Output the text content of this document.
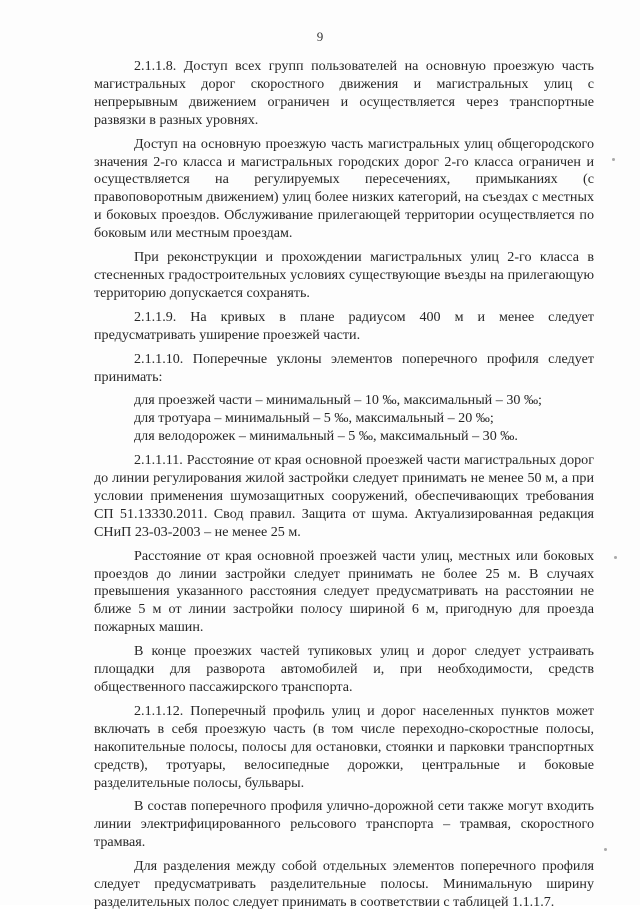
9

2.1.1.8. Доступ всех групп пользователей на основную проезжую часть магистральных дорог скоростного движения и магистральных улиц с непрерывным движением ограничен и осуществляется через транспортные развязки в разных уровнях.

Доступ на основную проезжую часть магистральных улиц общегородского значения 2-го класса и магистральных городских дорог 2-го класса ограничен и осуществляется на регулируемых пересечениях, примыканиях (с правоповоротным движением) улиц более низких категорий, на съездах с местных и боковых проездов. Обслуживание прилегающей территории осуществляется по боковым или местным проездам.

При реконструкции и прохождении магистральных улиц 2-го класса в стесненных градостроительных условиях существующие въезды на прилегающую территорию допускается сохранять.

2.1.1.9. На кривых в плане радиусом 400 м и менее следует предусматривать уширение проезжей части.

2.1.1.10. Поперечные уклоны элементов поперечного профиля следует принимать:

для проезжей части – минимальный – 10 ‰, максимальный – 30 ‰;

для тротуара – минимальный – 5 ‰, максимальный – 20 ‰;

для велодорожек – минимальный – 5 ‰, максимальный – 30 ‰.

2.1.1.11. Расстояние от края основной проезжей части магистральных дорог до линии регулирования жилой застройки следует принимать не менее 50 м, а при условии применения шумозащитных сооружений, обеспечивающих требования СП 51.13330.2011. Свод правил. Защита от шума. Актуализированная редакция СНиП 23-03-2003 – не менее 25 м.

Расстояние от края основной проезжей части улиц, местных или боковых проездов до линии застройки следует принимать не более 25 м. В случаях превышения указанного расстояния следует предусматривать на расстоянии не ближе 5 м от линии застройки полосу шириной 6 м, пригодную для проезда пожарных машин.

В конце проезжих частей тупиковых улиц и дорог следует устраивать площадки для разворота автомобилей и, при необходимости, средств общественного пассажирского транспорта.

2.1.1.12. Поперечный профиль улиц и дорог населенных пунктов может включать в себя проезжую часть (в том числе переходно-скоростные полосы, накопительные полосы, полосы для остановки, стоянки и парковки транспортных средств), тротуары, велосипедные дорожки, центральные и боковые разделительные полосы, бульвары.

В состав поперечного профиля улично-дорожной сети также могут входить линии электрифицированного рельсового транспорта – трамвая, скоростного трамвая.

Для разделения между собой отдельных элементов поперечного профиля следует предусматривать разделительные полосы. Минимальную ширину разделительных полос следует принимать в соответствии с таблицей 1.1.1.7.
